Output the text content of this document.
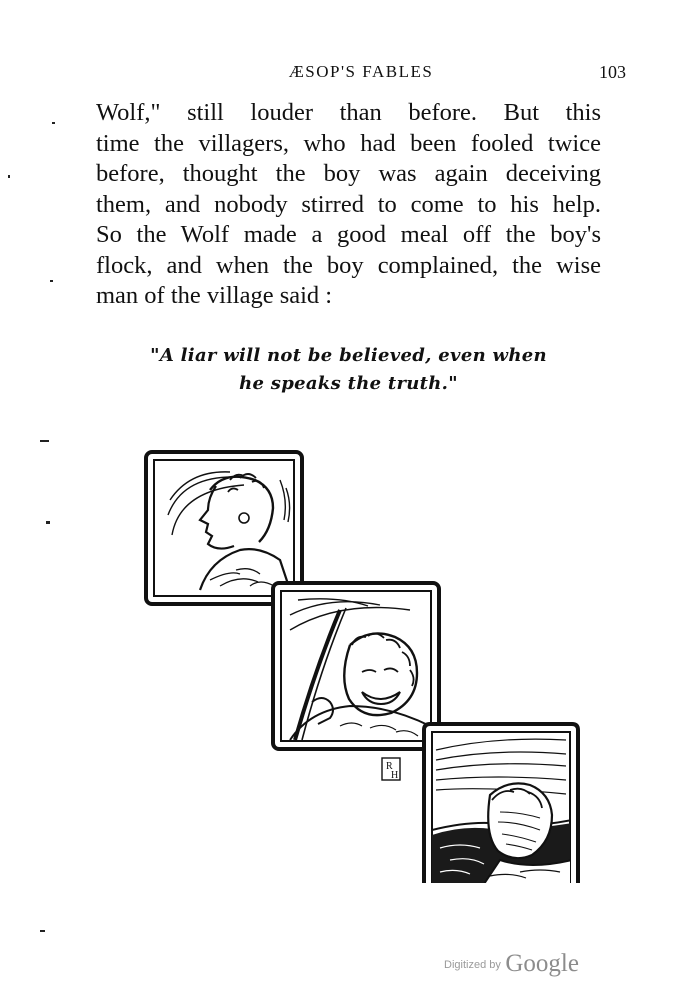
ÆSOP'S FABLES	103
Wolf," still louder than before. But this
time the villagers, who had been fooled twice
before, thought the boy was again deceiving
them, and nobody stirred to come to his help.
So the Wolf made a good meal off the boy's
flock, and when the boy complained, the wise
man of the village said :
"A liar will not be believed, even when
he speaks the truth."
R
H
Digitized by Google
